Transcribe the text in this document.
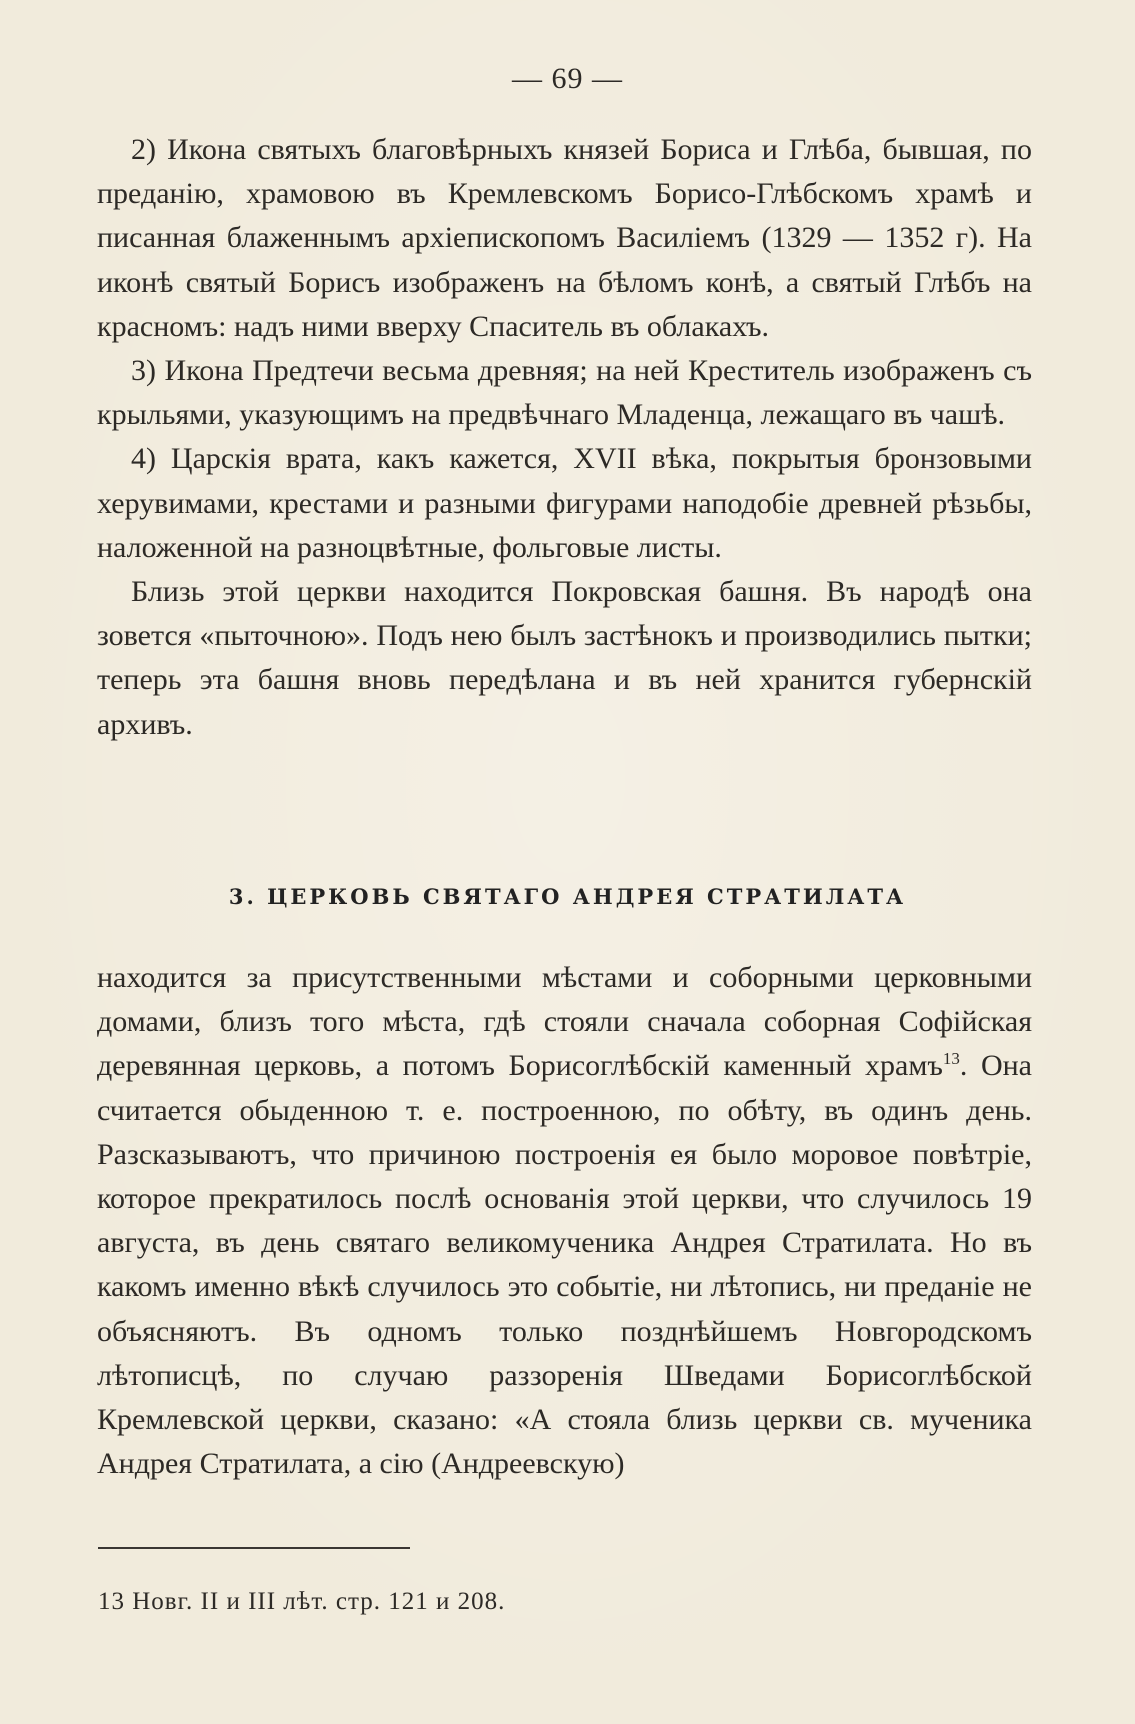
— 69 —

2) Икона святыхъ благовѣрныхъ князей Бориса и Глѣба, бывшая, по преданію, храмовою въ Кремлевскомъ Борисо-Глѣбскомъ храмѣ и писанная блаженнымъ архіепископомъ Василіемъ (1329 — 1352 г). На иконѣ святый Борисъ изображенъ на бѣломъ конѣ, а святый Глѣбъ на красномъ: надъ ними вверху Спаситель въ облакахъ.

3) Икона Предтечи весьма древняя; на ней Креститель изображенъ съ крыльями, указующимъ на предвѣчнаго Младенца, лежащаго въ чашѣ.

4) Царскія врата, какъ кажется, XVII вѣка, покрытыя бронзовыми херувимами, крестами и разными фигурами наподобіе древней рѣзьбы, наложенной на разноцвѣтные, фольговые листы.

Близь этой церкви находится Покровская башня. Въ народѣ она зовется «пыточною». Подъ нею былъ застѣнокъ и производились пытки; теперь эта башня вновь передѣлана и въ ней хранится губернскій архивъ.

3. ЦЕРКОВЬ СВЯТАГО АНДРЕЯ СТРАТИЛАТА

находится за присутственными мѣстами и соборными церковными домами, близъ того мѣста, гдѣ стояли сначала соборная Софійская деревянная церковь, а потомъ Борисоглѣбскій каменный храмъ$^{13}$. Она считается обыденною т. е. построенною, по обѣту, въ одинъ день. Разсказываютъ, что причиною построенія ея было моровое повѣтріе, которое прекратилось послѣ основанія этой церкви, что случилось 19 августа, въ день святаго великомученика Андрея Стратилата. Но въ какомъ именно вѣкѣ случилось это событіе, ни лѣтопись, ни преданіе не объясняютъ. Въ одномъ только позднѣйшемъ Новгородскомъ лѣтописцѣ, по случаю раззоренія Шведами Борисоглѣбской Кремлевской церкви, сказано: «А стояла близь церкви св. мученика Андрея Стратилата, а сію (Андреевскую)

13 Новг. II и III лѣт. стр. 121 и 208.
